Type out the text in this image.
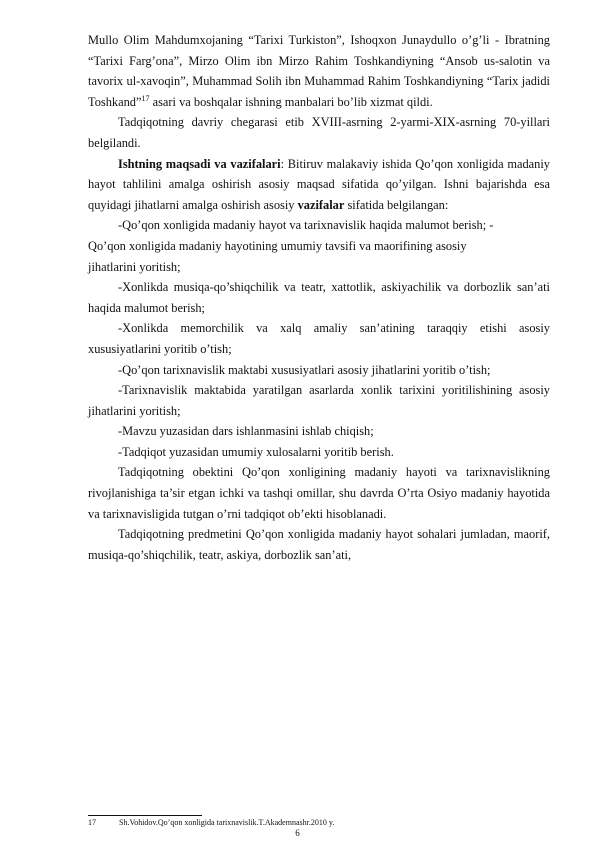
Mullo Olim Mahdumxojaning “Tarixi Turkiston”, Ishoqxon Junaydullo o’g’li - Ibratning “Tarixi Farg’ona”, Mirzo Olim ibn Mirzo Rahim Toshkandiyning “Ansob us-salotin va tavorix ul-xavoqin”, Muhammad Solih ibn Muhammad Rahim Toshkandiyning “Tarix jadidi Toshkand”$^{17}$ asari va boshqalar ishning manbalari bo’lib xizmat qildi.

Tadqiqotning davriy chegarasi etib XVIII-asrning 2-yarmi-XIX-asrning 70-yillari belgilandi.

Ishtning maqsadi va vazifalari: Bitiruv malakaviy ishida Qo’qon xonligida madaniy hayot tahlilini amalga oshirish asosiy maqsad sifatida qo’yilgan. Ishni bajarishda esa quyidagi jihatlarni amalga oshirish asosiy vazifalar sifatida belgilangan:

-Qo’qon xonligida madaniy hayot va tarixnavislik haqida malumot berish; -

Qo’qon xonligida madaniy hayotining umumiy tavsifi va maorifining asosiy

jihatlarini yoritish;

-Xonlikda musiqa-qo’shiqchilik va teatr, xattotlik, askiyachilik va dorbozlik san’ati haqida malumot berish;

-Xonlikda memorchilik va xalq amaliy san’atining taraqqiy etishi asosiy xususiyatlarini yoritib o’tish;

-Qo’qon tarixnavislik maktabi xususiyatlari asosiy jihatlarini yoritib o’tish;

-Tarixnavislik maktabida yaratilgan asarlarda xonlik tarixini yoritilishining asosiy jihatlarini yoritish;

-Mavzu yuzasidan dars ishlanmasini ishlab chiqish;

-Tadqiqot yuzasidan umumiy xulosalarni yoritib berish.

Tadqiqotning obektini Qo’qon xonligining madaniy hayoti va tarixnavislikning rivojlanishiga ta’sir etgan ichki va tashqi omillar, shu davrda O’rta Osiyo madaniy hayotida va tarixnavisligida tutgan o’rni tadqiqot ob’ekti hisoblanadi.

Tadqiqotning predmetini Qo’qon xonligida madaniy hayot sohalari jumladan, maorif, musiqa-qo’shiqchilik, teatr, askiya, dorbozlik san’ati,

17	Sh.Vohidov.Qo’qon xonligida tarixnavislik.T.Akademnashr.2010 y.
6
